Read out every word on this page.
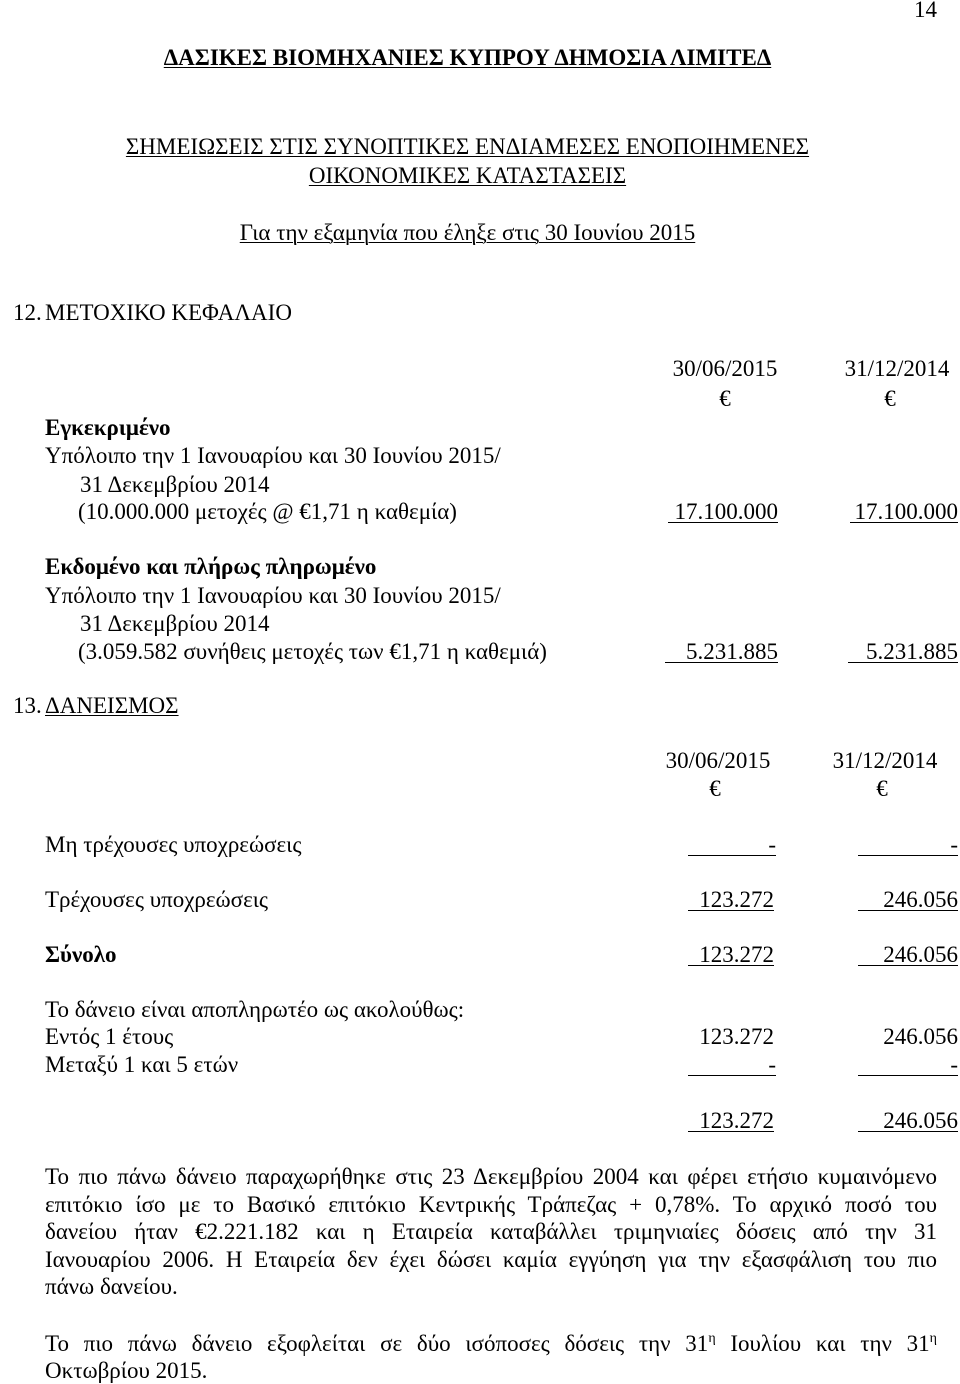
14
ΔΑΣΙΚΕΣ ΒΙΟΜΗΧΑΝΙΕΣ ΚΥΠΡΟΥ ΔΗΜΟΣΙΑ ΛΙΜΙΤΕΔ
ΣΗΜΕΙΩΣΕΙΣ ΣΤΙΣ ΣΥΝΟΠΤΙΚΕΣ ΕΝΔΙΑΜΕΣΕΣ ΕΝΟΠΟΙΗΜΕΝΕΣ
ΟΙΚΟΝΟΜΙΚΕΣ ΚΑΤΑΣΤΑΣΕΙΣ
Για την εξαμηνία που έληξε στις 30 Ιουνίου 2015
12. ΜΕΤΟΧΙΚΟ ΚΕΦΑΛΑΙΟ
30/06/2015	31/12/2014
€	€
Εγκεκριμένο
Υπόλοιπο την 1 Ιανουαρίου και 30 Ιουνίου 2015/
31 Δεκεμβρίου 2014
(10.000.000 μετοχές @ €1,71 η καθεμία)	17.100.000	17.100.000
Εκδομένο και πλήρως πληρωμένο
Υπόλοιπο την 1 Ιανουαρίου και 30 Ιουνίου 2015/
31 Δεκεμβρίου 2014
(3.059.582 συνήθεις μετοχές των €1,71 η καθεμιά)	5.231.885	5.231.885
13. ΔΑΝΕΙΣΜΟΣ
30/06/2015	31/12/2014
€	€
Μη τρέχουσες υποχρεώσεις	-	-
Τρέχουσες υποχρεώσεις	123.272	246.056
Σύνολο	123.272	246.056
Το δάνειο είναι αποπληρωτέο ως ακολούθως:
Εντός 1 έτους	123.272	246.056
Μεταξύ 1 και 5 ετών	-	-
123.272	246.056
Το πιο πάνω δάνειο παραχωρήθηκε στις 23 Δεκεμβρίου 2004 και φέρει ετήσιο κυμαινόμενο
επιτόκιο ίσο με το Βασικό επιτόκιο Κεντρικής Τράπεζας + 0,78%. Το αρχικό ποσό του
δανείου ήταν €2.221.182 και η Εταιρεία καταβάλλει τριμηνιαίες δόσεις από την 31
Ιανουαρίου 2006. Η Εταιρεία δεν έχει δώσει καμία εγγύηση για την εξασφάλιση του πιο
πάνω δανείου.
Το πιο πάνω δάνειο εξοφλείται σε δύο ισόποσες δόσεις την $31^\eta$ Ιουλίου και την $31^\eta$
Οκτωβρίου 2015.
